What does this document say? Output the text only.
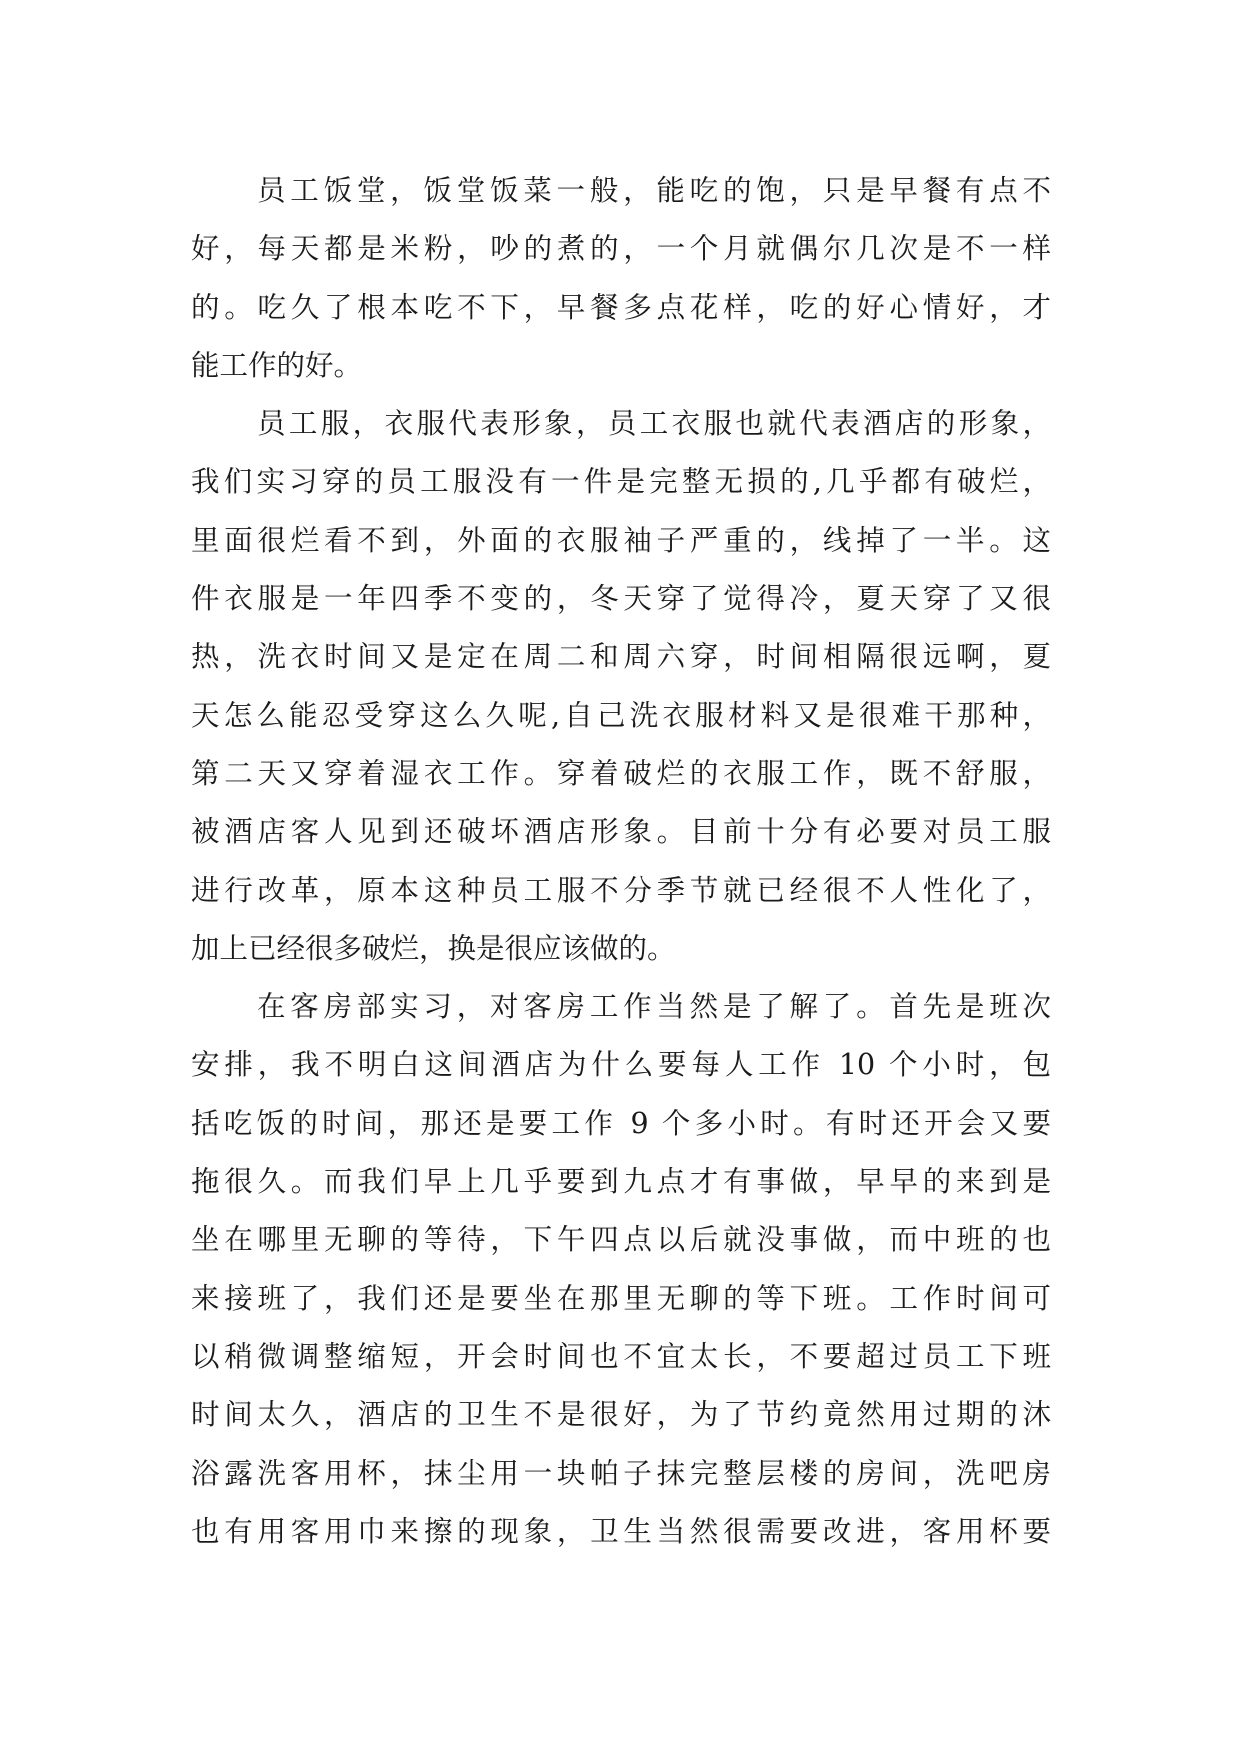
员工饭堂，饭堂饭菜一般，能吃的饱，只是早餐有点不
好，每天都是米粉，吵的煮的，一个月就偶尔几次是不一样
的。吃久了根本吃不下，早餐多点花样，吃的好心情好，才
能工作的好。
员工服，衣服代表形象，员工衣服也就代表酒店的形象，
我们实习穿的员工服没有一件是完整无损的,几乎都有破烂，
里面很烂看不到，外面的衣服袖子严重的，线掉了一半。这
件衣服是一年四季不变的，冬天穿了觉得冷，夏天穿了又很
热，洗衣时间又是定在周二和周六穿，时间相隔很远啊，夏
天怎么能忍受穿这么久呢,自己洗衣服材料又是很难干那种，
第二天又穿着湿衣工作。穿着破烂的衣服工作，既不舒服，
被酒店客人见到还破坏酒店形象。目前十分有必要对员工服
进行改革，原本这种员工服不分季节就已经很不人性化了，
加上已经很多破烂，换是很应该做的。
在客房部实习，对客房工作当然是了解了。首先是班次
安排，我不明白这间酒店为什么要每人工作 10 个小时，包
括吃饭的时间，那还是要工作 9 个多小时。有时还开会又要
拖很久。而我们早上几乎要到九点才有事做，早早的来到是
坐在哪里无聊的等待，下午四点以后就没事做，而中班的也
来接班了，我们还是要坐在那里无聊的等下班。工作时间可
以稍微调整缩短，开会时间也不宜太长，不要超过员工下班
时间太久，酒店的卫生不是很好，为了节约竟然用过期的沐
浴露洗客用杯，抹尘用一块帕子抹完整层楼的房间，洗吧房
也有用客用巾来擦的现象，卫生当然很需要改进，客用杯要
